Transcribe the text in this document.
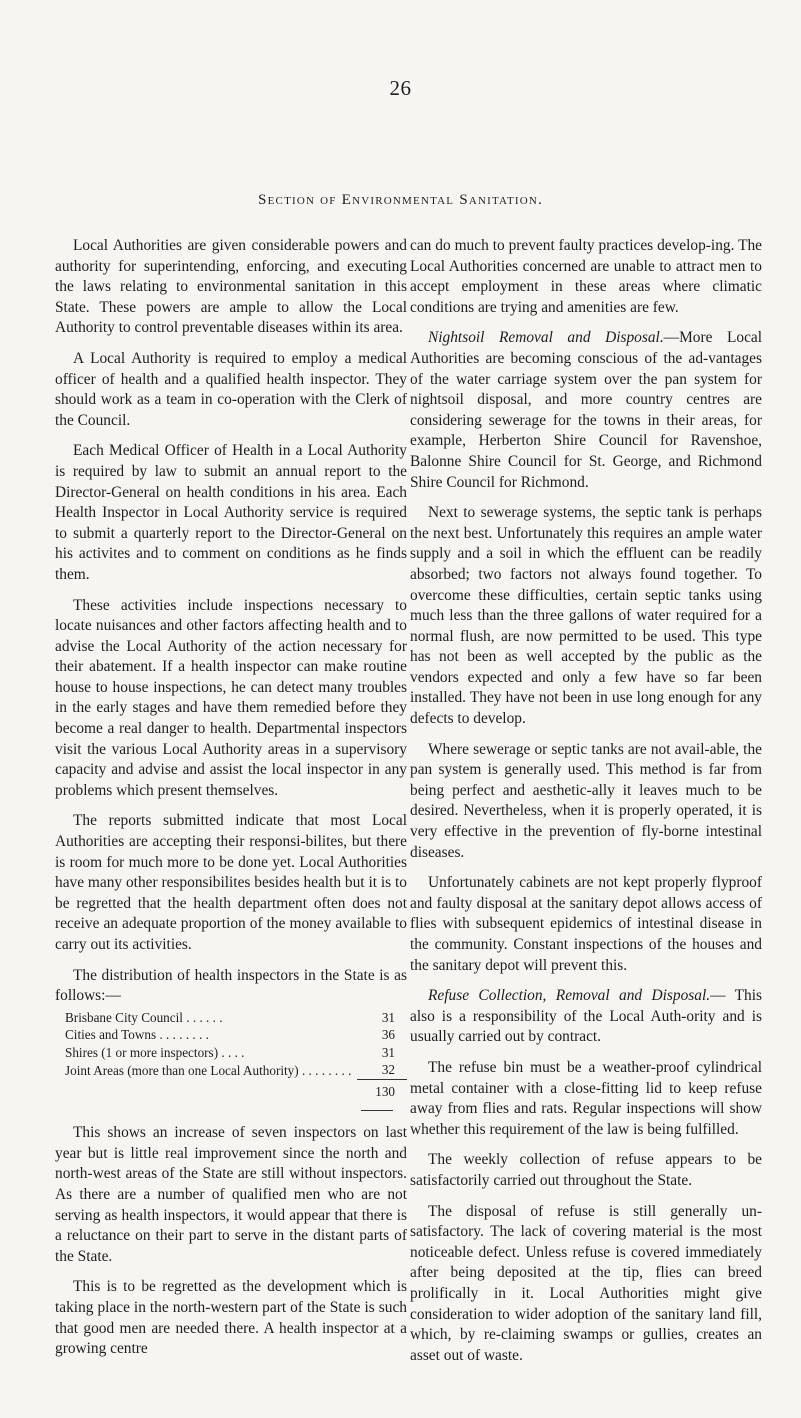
26
Section of Environmental Sanitation.

Local Authorities are given considerable powers and authority for superintending, enforcing, and executing the laws relating to environmental sanitation in this State. These powers are ample to allow the Local Authority to control preventable diseases within its area.

A Local Authority is required to employ a medical officer of health and a qualified health inspector. They should work as a team in co-operation with the Clerk of the Council.

Each Medical Officer of Health in a Local Authority is required by law to submit an annual report to the Director-General on health conditions in his area. Each Health Inspector in Local Authority service is required to submit a quarterly report to the Director-General on his activites and to comment on conditions as he finds them.

These activities include inspections necessary to locate nuisances and other factors affecting health and to advise the Local Authority of the action necessary for their abatement. If a health inspector can make routine house to house inspections, he can detect many troubles in the early stages and have them remedied before they become a real danger to health. Departmental inspectors visit the various Local Authority areas in a supervisory capacity and advise and assist the local inspector in any problems which present themselves.

The reports submitted indicate that most Local Authorities are accepting their responsi-bilites, but there is room for much more to be done yet. Local Authorities have many other responsibilites besides health but it is to be regretted that the health department often does not receive an adequate proportion of the money available to carry out its activities.

The distribution of health inspectors in the State is as follows:—

Brisbane City Council . . . . . .	31
Cities and Towns . . . . . . . .	36
Shires (1 or more inspectors) . . . .	31

Joint Areas (more than one Local Authority) . . . . . . . .	32
	130

This shows an increase of seven inspectors on last year but is little real improvement since the north and north-west areas of the State are still without inspectors. As there are a number of qualified men who are not serving as health inspectors, it would appear that there is a reluctance on their part to serve in the distant parts of the State.

This is to be regretted as the development which is taking place in the north-western part of the State is such that good men are needed there. A health inspector at a growing centre

can do much to prevent faulty practices develop-ing. The Local Authorities concerned are unable to attract men to accept employment in these areas where climatic conditions are trying and amenities are few.

Nightsoil Removal and Disposal.—More Local Authorities are becoming conscious of the ad-vantages of the water carriage system over the pan system for nightsoil disposal, and more country centres are considering sewerage for the towns in their areas, for example, Herberton Shire Council for Ravenshoe, Balonne Shire Council for St. George, and Richmond Shire Council for Richmond.

Next to sewerage systems, the septic tank is perhaps the next best. Unfortunately this requires an ample water supply and a soil in which the effluent can be readily absorbed; two factors not always found together. To overcome these difficulties, certain septic tanks using much less than the three gallons of water required for a normal flush, are now permitted to be used. This type has not been as well accepted by the public as the vendors expected and only a few have so far been installed. They have not been in use long enough for any defects to develop.

Where sewerage or septic tanks are not avail-able, the pan system is generally used. This method is far from being perfect and aesthetic-ally it leaves much to be desired. Nevertheless, when it is properly operated, it is very effective in the prevention of fly-borne intestinal diseases.

Unfortunately cabinets are not kept properly flyproof and faulty disposal at the sanitary depot allows access of flies with subsequent epidemics of intestinal disease in the community. Constant inspections of the houses and the sanitary depot will prevent this.

Refuse Collection, Removal and Disposal.— This also is a responsibility of the Local Auth-ority and is usually carried out by contract.

The refuse bin must be a weather-proof cylindrical metal container with a close-fitting lid to keep refuse away from flies and rats. Regular inspections will show whether this requirement of the law is being fulfilled.

The weekly collection of refuse appears to be satisfactorily carried out throughout the State.

The disposal of refuse is still generally un-satisfactory. The lack of covering material is the most noticeable defect. Unless refuse is covered immediately after being deposited at the tip, flies can breed prolifically in it. Local Authorities might give consideration to wider adoption of the sanitary land fill, which, by re-claiming swamps or gullies, creates an asset out of waste.
